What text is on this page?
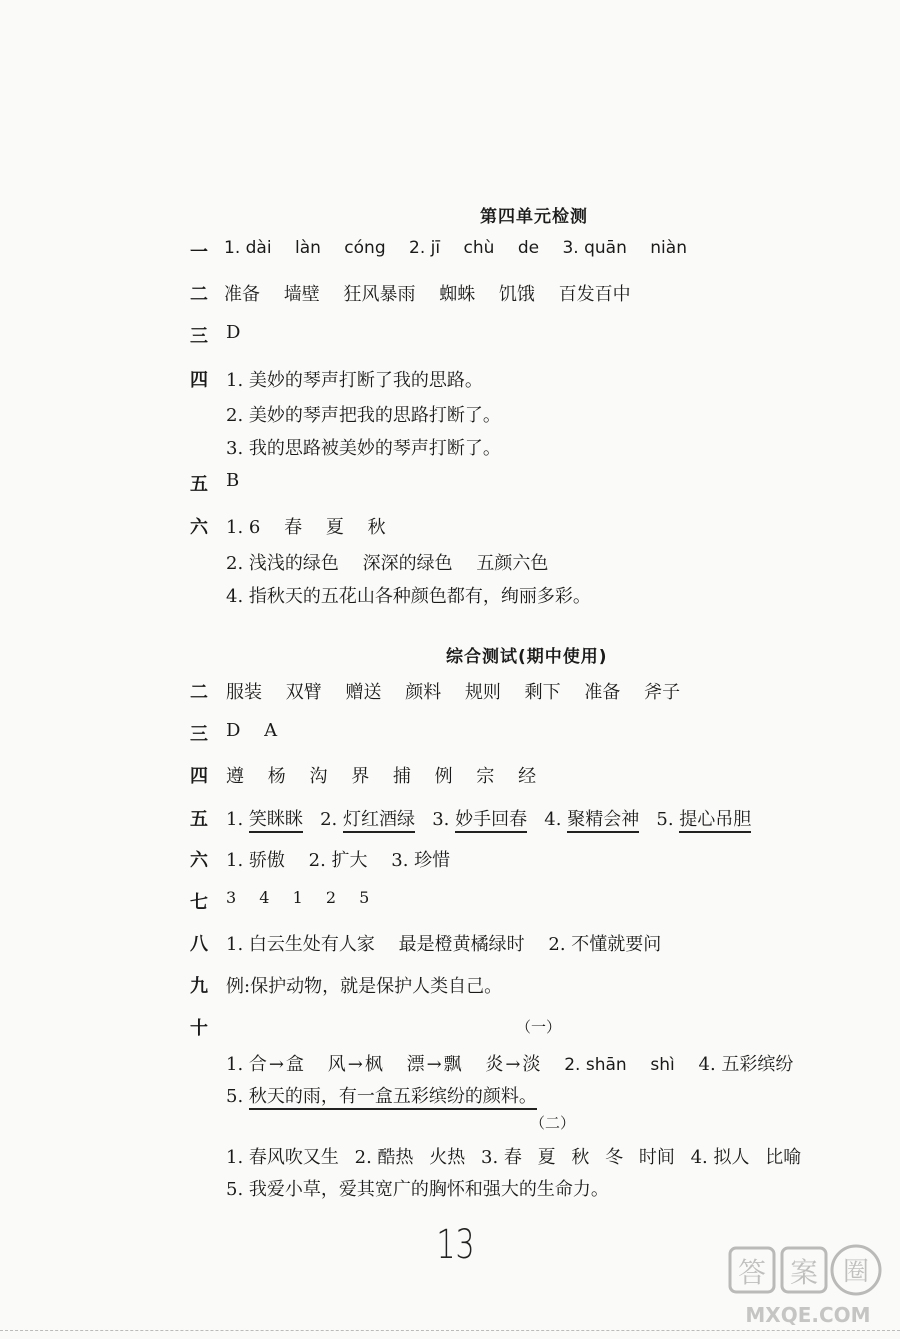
第四单元检测
一 1. dài làn cóng 2. jī chù de 3. quān niàn
二 准备 墙壁 狂风暴雨 蜘蛛 饥饿 百发百中
三 D
四 1. 美妙的琴声打断了我的思路。
2. 美妙的琴声把我的思路打断了。
3. 我的思路被美妙的琴声打断了。
五 B
六 1. 6 春 夏 秋
2. 浅浅的绿色 深深的绿色 五颜六色
4. 指秋天的五花山各种颜色都有，绚丽多彩。
综合测试(期中使用)
二 服装 双臂 赠送 颜料 规则 剩下 准备 斧子
三 D A
四 遵 杨 沟 界 捕 例 宗 经
五 1. 笑眯眯 2. 灯红酒绿 3. 妙手回春 4. 聚精会神 5. 提心吊胆
六 1. 骄傲 2. 扩大 3. 珍惜
七 3 4 1 2 5
八 1. 白云生处有人家 最是橙黄橘绿时 2. 不懂就要问
九 例:保护动物，就是保护人类自己。
十	（一）
1. 合 → 盒 风 → 枫 漂 → 飘 炎 → 淡 2. shān shì 4. 五彩缤纷
5. 秋天的雨，有一盒五彩缤纷的颜料。
（二）
1. 春风吹又生 2. 酷热 火热 3. 春 夏 秋 冬 时间 4. 拟人 比喻
5. 我爱小草，爱其宽广的胸怀和强大的生命力。
13
答 案 圈
MXQE.COM
